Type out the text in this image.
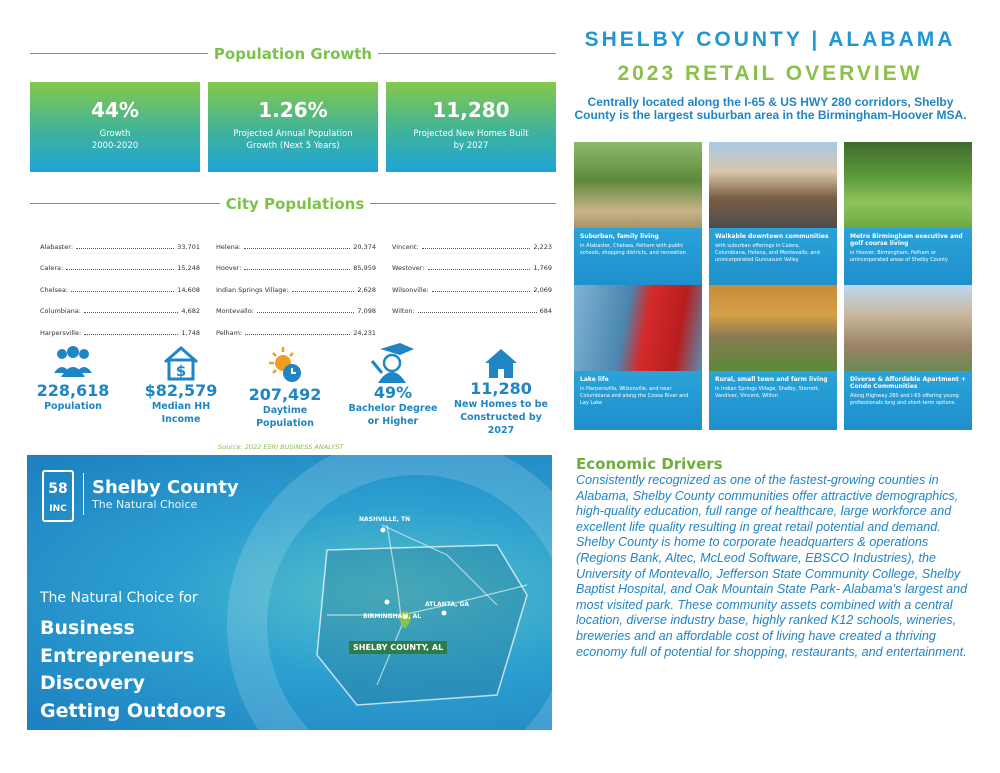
Population Growth
44%
Growth
2000-2020
1.26%
Projected Annual Population
Growth (Next 5 Years)
11,280
Projected New Homes Built
by 2027
City Populations
Alabaster:	33,701
Calera:	15,248
Chelsea:	14,608
Columbiana:	4,682
Harpersville:	1,748
Helena:	20,374
Hoover:	85,959
Indian Springs Village:	2,628
Montevallo:	7,098
Pelham:	24,231
Vincent:	2,223
Westover:	1,769
Wilsonville:	2,069
Wilton:	684
228,618
Population
$
$82,579
Median HH
Income
207,492
Daytime
Population
49%
Bachelor Degree
or Higher
11,280
New Homes to be
Constructed by 2027
Source: 2022 ESRI BUSINESS ANALYST
SHELBY COUNTY | ALABAMA
2023 RETAIL OVERVIEW
Centrally located along the I-65 & US HWY 280 corridors, Shelby County is the largest suburban area in the Birmingham-Hoover MSA.
Suburban, family living
in Alabaster, Chelsea, Pelham with public schools, shopping districts, and recreation
Walkable downtown communities
with suburban offerings in Calera, Columbiana, Helena, and Montevallo, and unincorporated Gunnasunt Valley
Metro Birmingham executive and golf course living
in Hoover, Birmingham, Pelham or unincorporated areas of Shelby County
Lake life
in Harpersville, Wilsonville, and near Columbiana and along the Coosa River and Lay Lake
Rural, small town and farm living
in Indian Springs Village, Shelby, Sterrett, Vandiver, Vincent, Wilton
Diverse & Affordable Apartment + Condo Communities
Along Highway 280 and I-65 offering young professionals long and short-term options.
58
INC
Shelby County
The Natural Choice
The Natural Choice for
Business
Entrepreneurs
Discovery
Getting Outdoors
NASHVILLE, TN
ATLANTA, GA
BIRMINGHAM, AL
SHELBY COUNTY, AL
Economic Drivers
Consistently recognized as one of the fastest-growing counties in Alabama, Shelby County communities offer attractive demographics, high-quality education, full range of healthcare, large workforce and excellent life quality resulting in great retail potential and demand. Shelby County is home to corporate headquarters & operations (Regions Bank, Altec, McLeod Software, EBSCO Industries), the University of Montevallo, Jefferson State Community College, Shelby Baptist Hospital, and Oak Mountain State Park- Alabama's largest and most visited park. These community assets combined with a central location, diverse industry base, highly ranked K12 schools, wineries, breweries and an affordable cost of living have created a thriving economy full of potential for shopping, restaurants, and entertainment.
